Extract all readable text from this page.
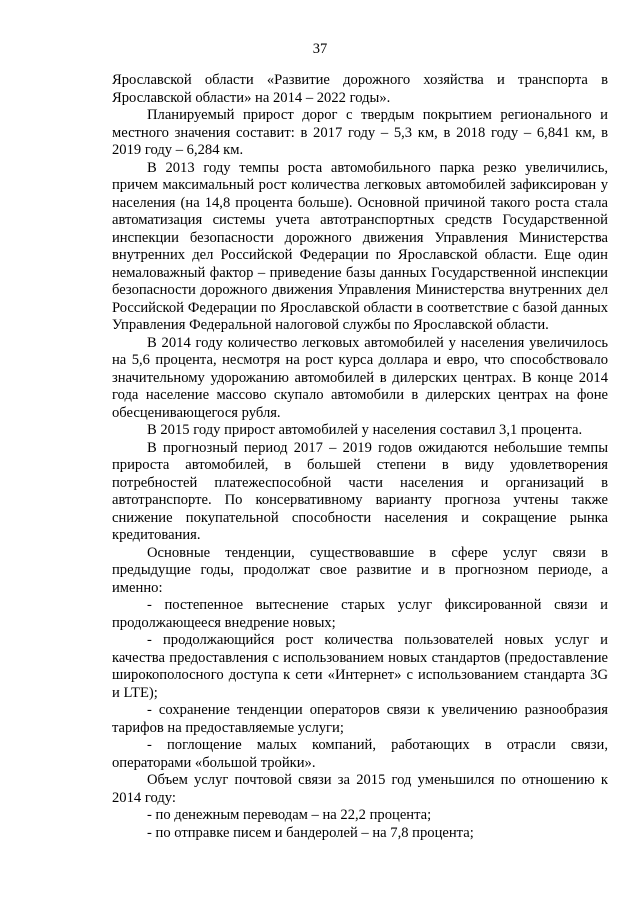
37

Ярославской области «Развитие дорожного хозяйства и транспорта в Ярославской области» на 2014 – 2022 годы».

Планируемый прирост дорог с твердым покрытием регионального и местного значения составит: в 2017 году – 5,3 км, в 2018 году – 6,841 км, в 2019 году – 6,284 км.

В 2013 году темпы роста автомобильного парка резко увеличились, причем максимальный рост количества легковых автомобилей зафиксирован у населения (на 14,8 процента больше). Основной причиной такого роста стала автоматизация системы учета автотранспортных средств Государственной инспекции безопасности дорожного движения Управления Министерства внутренних дел Российской Федерации по Ярославской области. Еще один немаловажный фактор – приведение базы данных Государственной инспекции безопасности дорожного движения Управления Министерства внутренних дел Российской Федерации по Ярославской области в соответствие с базой данных Управления Федеральной налоговой службы по Ярославской области.

В 2014 году количество легковых автомобилей у населения увеличилось на 5,6 процента, несмотря на рост курса доллара и евро, что способствовало значительному удорожанию автомобилей в дилерских центрах. В конце 2014 года население массово скупало автомобили в дилерских центрах на фоне обесценивающегося рубля.

В 2015 году прирост автомобилей у населения составил 3,1 процента.

В прогнозный период 2017 – 2019 годов ожидаются небольшие темпы прироста автомобилей, в большей степени в виду удовлетворения потребностей платежеспособной части населения и организаций в автотранспорте. По консервативному варианту прогноза учтены также снижение покупательной способности населения и сокращение рынка кредитования.

Основные тенденции, существовавшие в сфере услуг связи в предыдущие годы, продолжат свое развитие и в прогнозном периоде, а именно:

- постепенное вытеснение старых услуг фиксированной связи и продолжающееся внедрение новых;

- продолжающийся рост количества пользователей новых услуг и качества предоставления с использованием новых стандартов (предоставление широкополосного доступа к сети «Интернет» с использованием стандарта 3G и LTE);

- сохранение тенденции операторов связи к увеличению разнообразия тарифов на предоставляемые услуги;

- поглощение малых компаний, работающих в отрасли связи, операторами «большой тройки».

Объем услуг почтовой связи за 2015 год уменьшился по отношению к 2014 году:

- по денежным переводам – на 22,2 процента;

- по отправке писем и бандеролей – на 7,8 процента;
